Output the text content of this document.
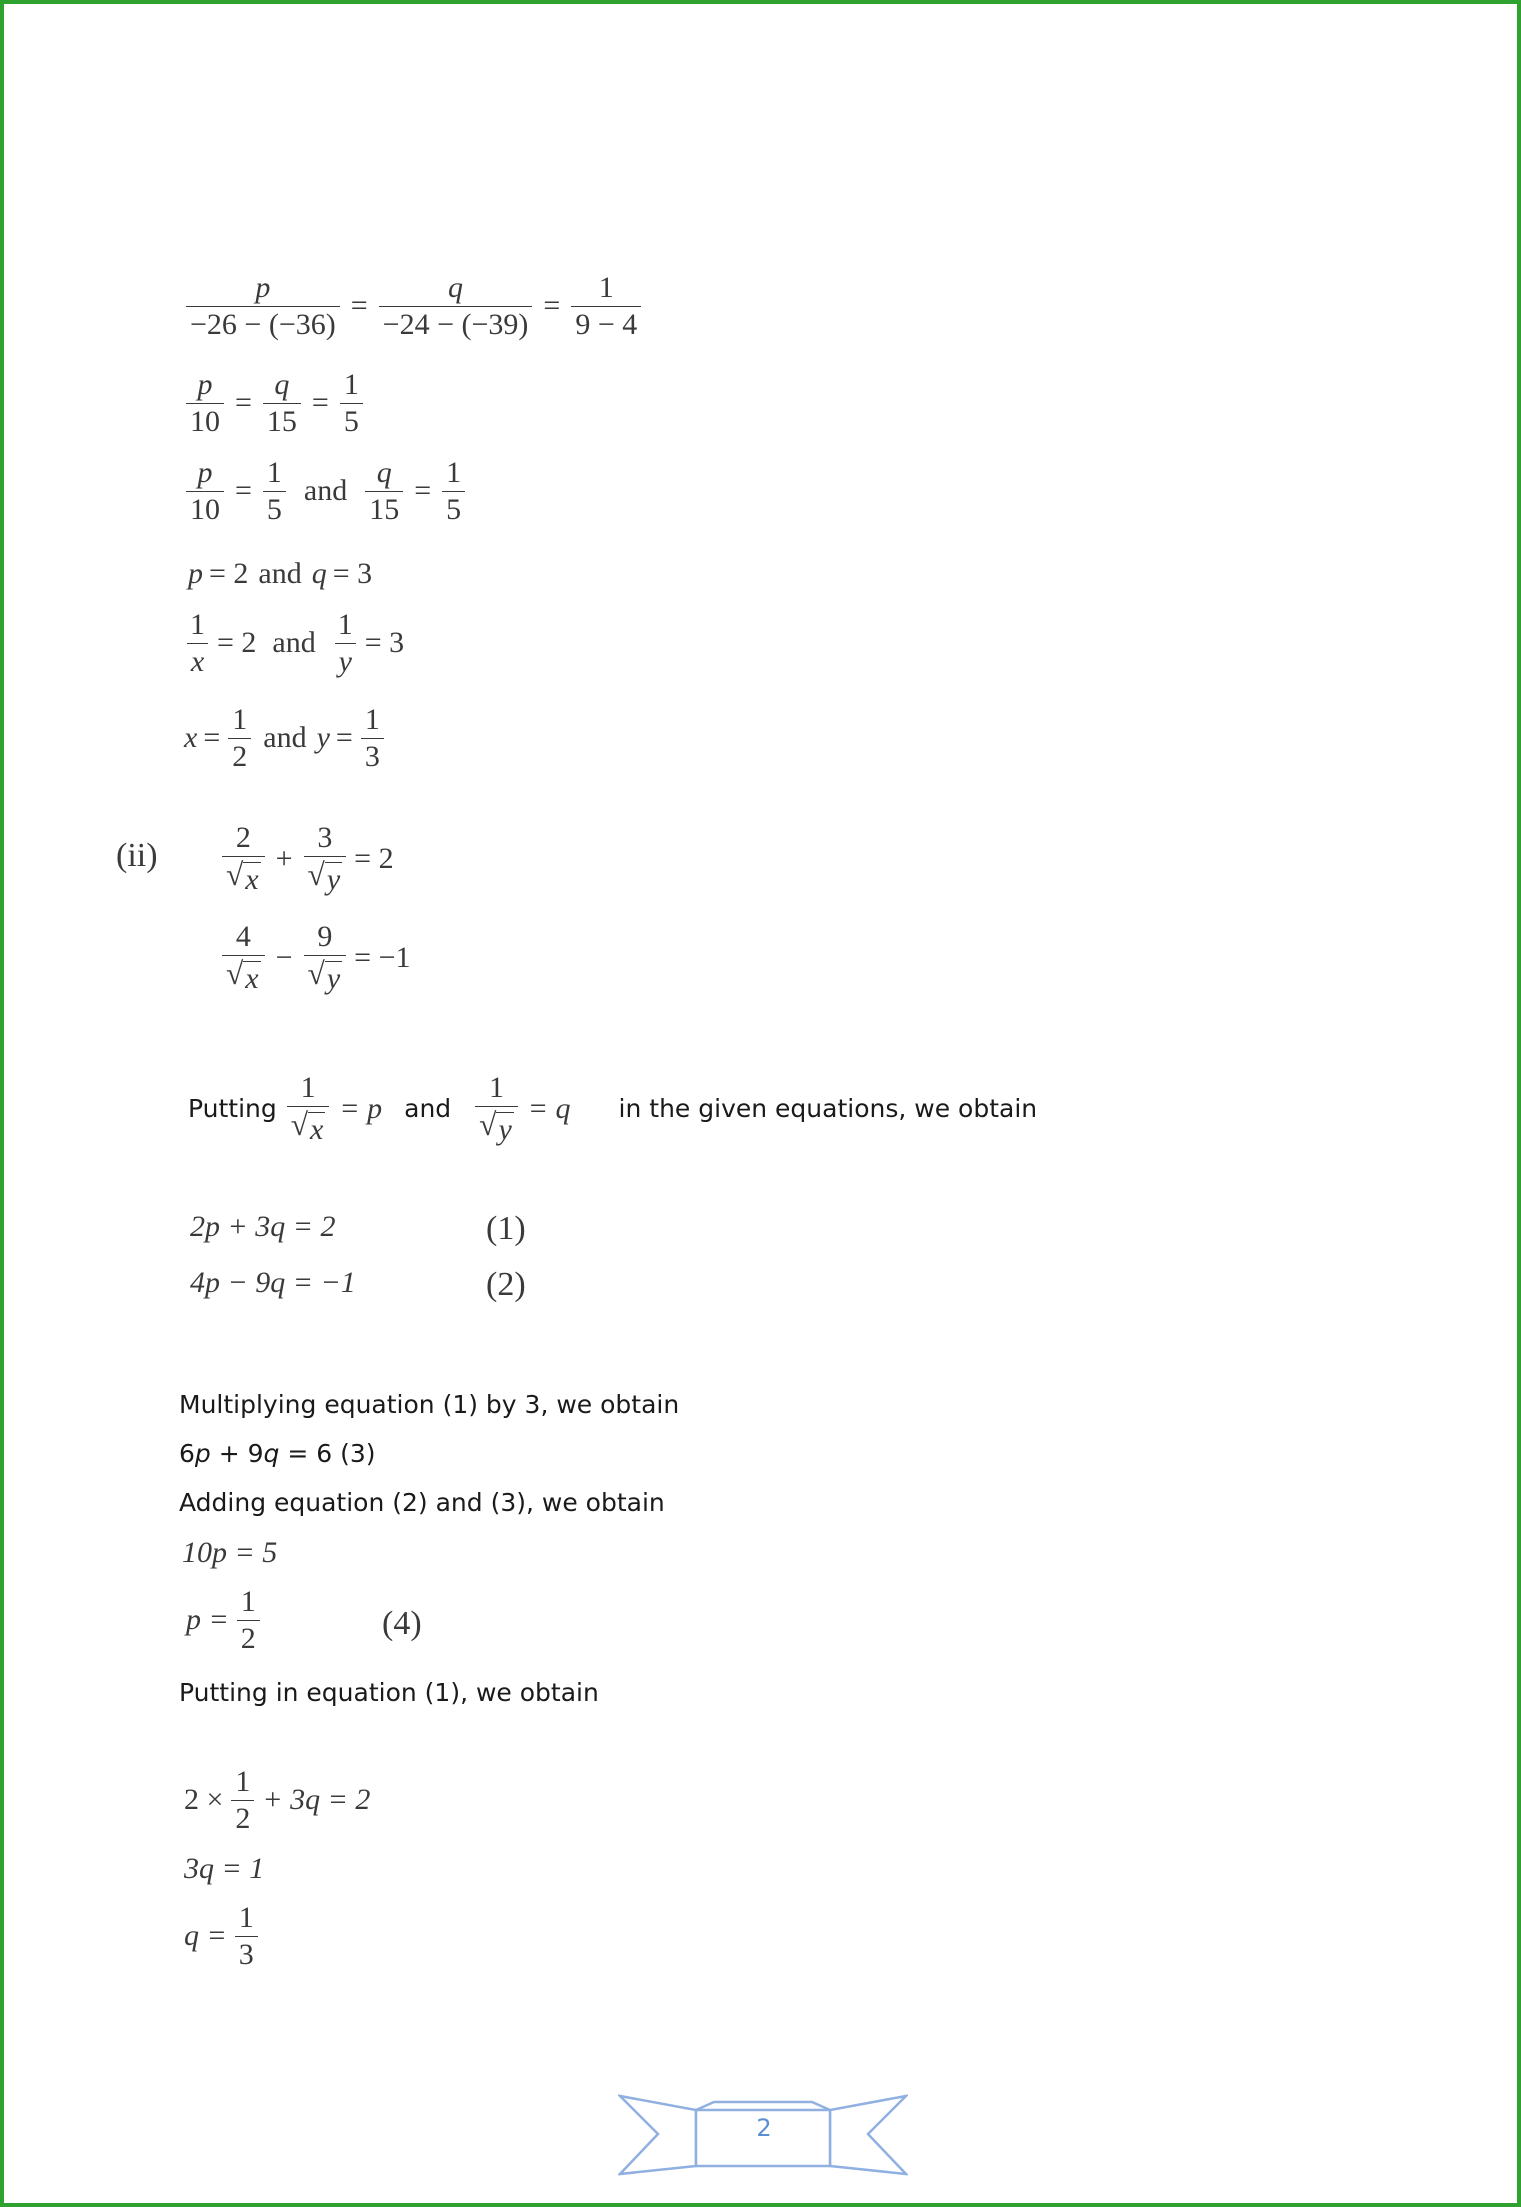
$\frac{p}{-26 - (-36)} = \frac{q}{-24 - (-39)} = \frac{1}{9 - 4}$
$\frac{p}{10} = \frac{q}{15} = \frac{1}{5}$
$\frac{p}{10} = \frac{1}{5}$ and $\frac{q}{15} = \frac{1}{5}$
p = 2 and q = 3
$\frac{1}{x} = 2$ and $\frac{1}{y} = 3$
$x = \frac{1}{2}$ and $y = \frac{1}{3}$
(ii)	2
√ x
+ $\frac{3}{√ y} = 2$
4
√ x
− $\frac{9}{√ y} = -1$
Putting $\frac{1}{√ x} = p$ and $\frac{1}{√ y} = q$	in the given equations, we obtain
2p + 3q = 2	(1)
4p − 9q = −1	(2)
Multiplying equation (1) by 3, we obtain
6p + 9q = 6 (3)
Adding equation (2) and (3), we obtain
10p = 5
$p = \frac{1}{2}$	(4)
Putting in equation (1), we obtain
$2 \times \frac{1}{2} + 3q = 2$
3q = 1
$q = \frac{1}{3}$
2
